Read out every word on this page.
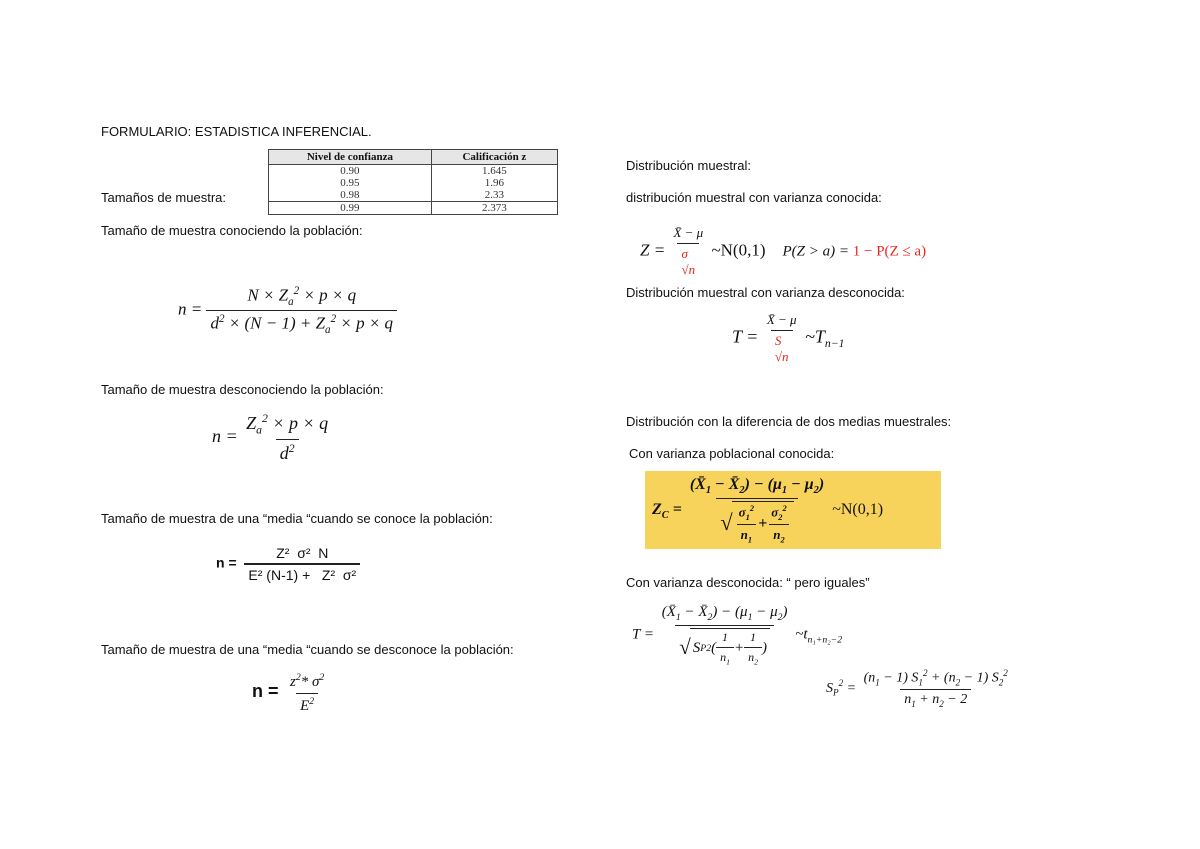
FORMULARIO: ESTADISTICA INFERENCIAL.
Nivel de confianza	Calificación z
0.90	1.645
0.95	1.96
0.98	2.33
0.99	2.373
Tamaños de muestra:
Tamaño de muestra conociendo la población:
$n = \frac{N \times Z_a^2 \times p \times q}{d^2 \times (N - 1) + Z_a^2 \times p \times q}$
Tamaño de muestra desconociendo la población:
$n = \frac{Z_a^2 \times p \times q}{d^2}$
Tamaño de muestra de una “media “cuando se conoce la población:
$n = \frac{\text{Z²  σ²  N}}{\text{E² (N-1) +   Z²  σ²}}$
Tamaño de muestra de una “media “cuando se desconoce la población:
$n = \frac{z^2* \sigma^2}{E^2}$
Distribución muestral:
distribución muestral con varianza conocida:
Z =
X̄ − μ
σ
√n
~N(0,1) P(Z > a) = 1 − P(Z ≤ a)
Distribución muestral con varianza desconocida:
T =
X̄ − μ
S
√n
$\sim T_{n-1}$
Distribución con la diferencia de dos medias muestrales:
Con varianza poblacional conocida:
$Z_C = \frac{(X̄_1 - X̄_2) - (\mu_1 - \mu_2)}{√ \frac{\sigma_1^2}{n_1} + \frac{\sigma_2^2}{n_2}}$ ~N(0,1)
Con varianza desconocida: “ pero iguales”
$T = \frac{(X̄_1 - X̄_2) - (\mu_1 - \mu_2)}{√ S P 2 ( \frac{1}{n_1} + \frac{1}{n_2} )}$ $\sim t_{n_1+n_2-2}$
$S_P^2 = \frac{(n_1 - 1) S_1^2 + (n_2 - 1) S_2^2}{n_1 + n_2 - 2}$
